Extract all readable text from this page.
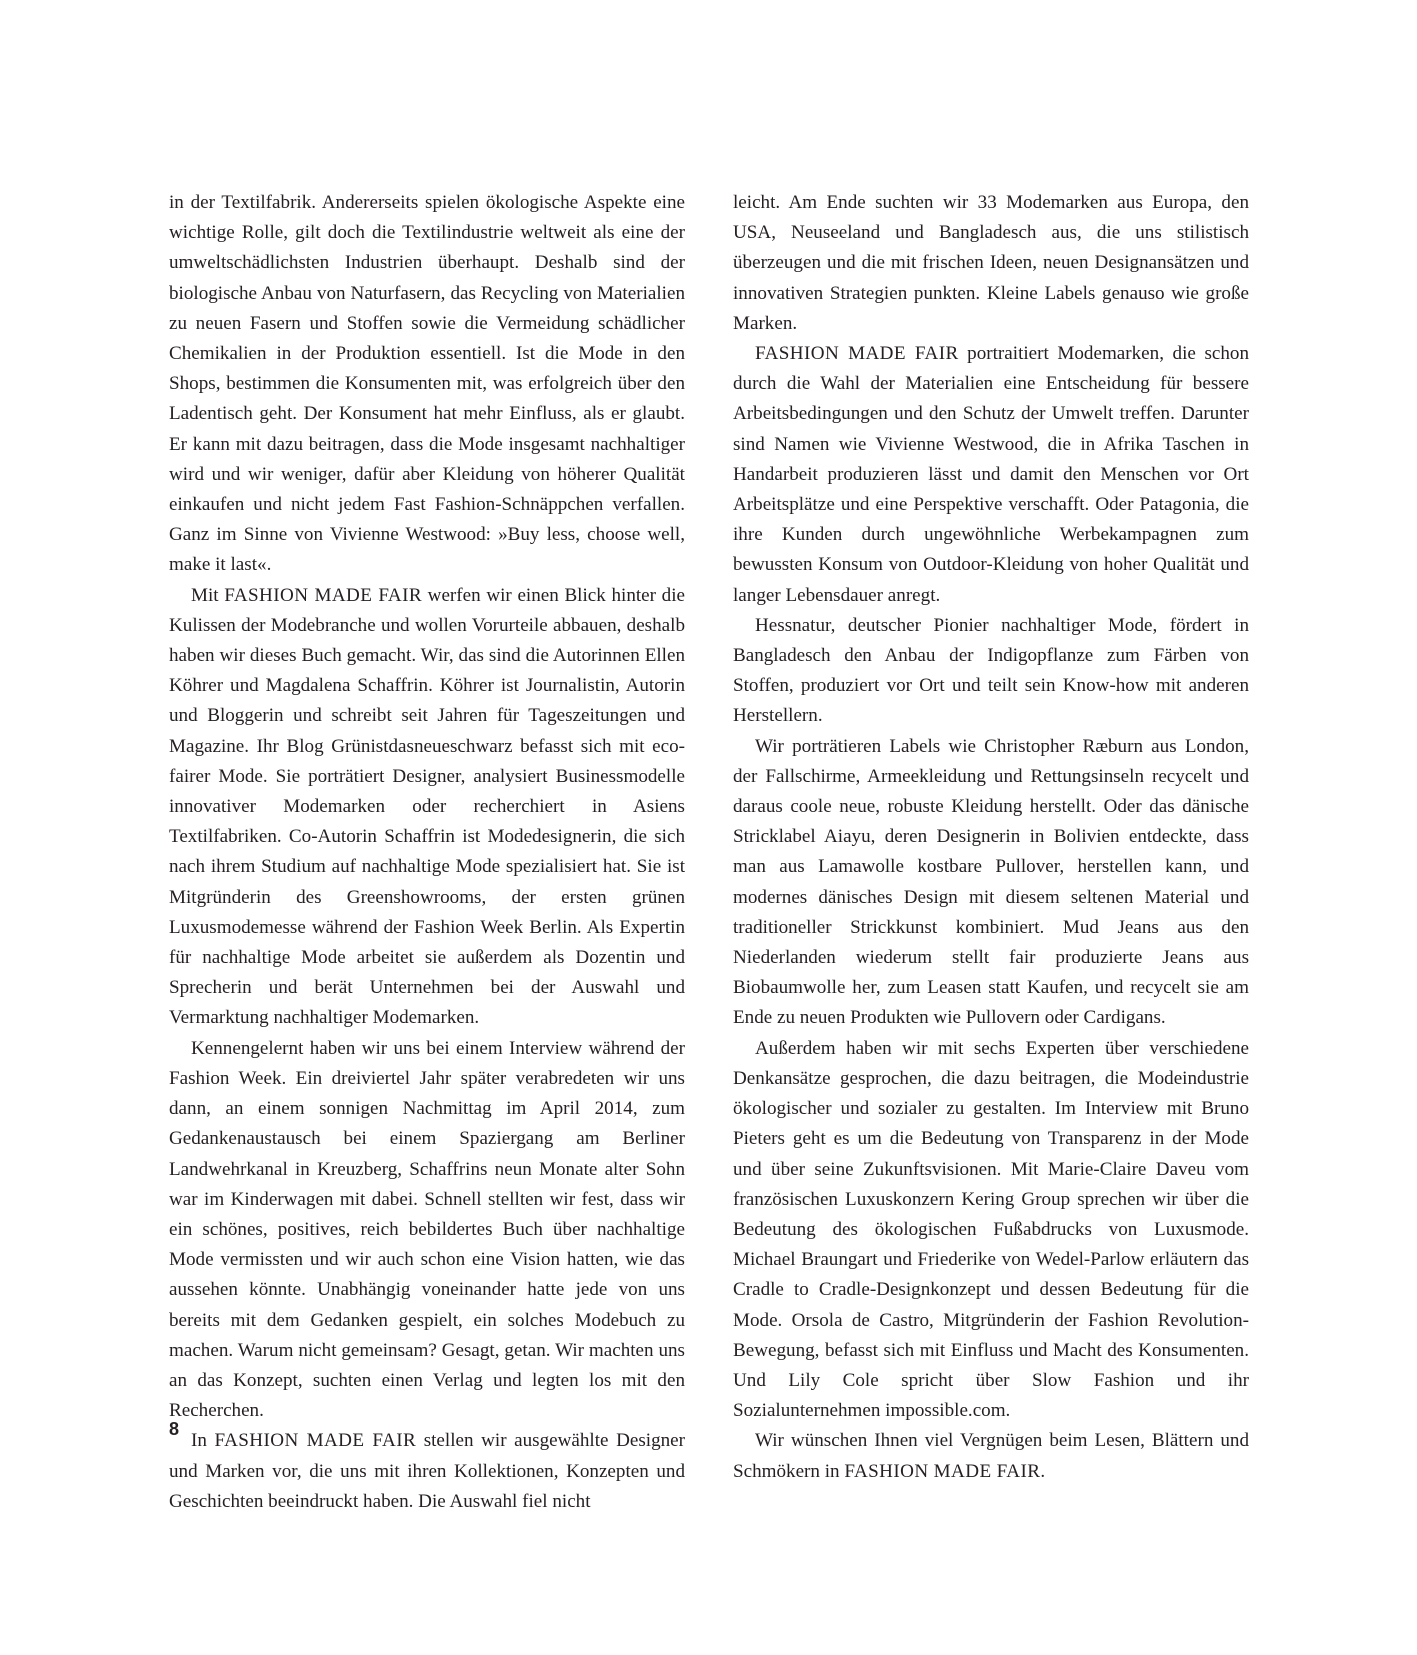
in der Textilfabrik. Andererseits spielen ökologische Aspekte eine wichtige Rolle, gilt doch die Textilindustrie weltweit als eine der umweltschädlichsten Industrien überhaupt. Deshalb sind der biologische Anbau von Naturfasern, das Recycling von Materialien zu neuen Fasern und Stoffen sowie die Vermeidung schädlicher Chemikalien in der Produktion essentiell. Ist die Mode in den Shops, bestimmen die Konsumenten mit, was erfolgreich über den Ladentisch geht. Der Konsument hat mehr Einfluss, als er glaubt. Er kann mit dazu beitragen, dass die Mode insgesamt nachhaltiger wird und wir weniger, dafür aber Kleidung von höherer Qualität einkaufen und nicht jedem Fast Fashion-Schnäppchen verfallen. Ganz im Sinne von Vivienne Westwood: »Buy less, choose well, make it last«.

Mit FASHION MADE FAIR werfen wir einen Blick hinter die Kulissen der Modebranche und wollen Vorurteile abbauen, deshalb haben wir dieses Buch gemacht. Wir, das sind die Autorinnen Ellen Köhrer und Magdalena Schaffrin. Köhrer ist Journalistin, Autorin und Bloggerin und schreibt seit Jahren für Tageszeitungen und Magazine. Ihr Blog Grünistdasneueschwarz befasst sich mit eco-fairer Mode. Sie porträtiert Designer, analysiert Businessmodelle innovativer Modemarken oder recherchiert in Asiens Textilfabriken. Co-Autorin Schaffrin ist Modedesignerin, die sich nach ihrem Studium auf nachhaltige Mode spezialisiert hat. Sie ist Mitgründerin des Greenshowrooms, der ersten grünen Luxusmodemesse während der Fashion Week Berlin. Als Expertin für nachhaltige Mode arbeitet sie außerdem als Dozentin und Sprecherin und berät Unternehmen bei der Auswahl und Vermarktung nachhaltiger Modemarken.

Kennengelernt haben wir uns bei einem Interview während der Fashion Week. Ein dreiviertel Jahr später verabredeten wir uns dann, an einem sonnigen Nachmittag im April 2014, zum Gedankenaustausch bei einem Spaziergang am Berliner Landwehrkanal in Kreuzberg, Schaffrins neun Monate alter Sohn war im Kinderwagen mit dabei. Schnell stellten wir fest, dass wir ein schönes, positives, reich bebildertes Buch über nachhaltige Mode vermissten und wir auch schon eine Vision hatten, wie das aussehen könnte. Unabhängig voneinander hatte jede von uns bereits mit dem Gedanken gespielt, ein solches Modebuch zu machen. Warum nicht gemeinsam? Gesagt, getan. Wir machten uns an das Konzept, suchten einen Verlag und legten los mit den Recherchen.

In FASHION MADE FAIR stellen wir ausgewählte Designer und Marken vor, die uns mit ihren Kollektionen, Konzepten und Geschichten beeindruckt haben. Die Auswahl fiel nicht

leicht. Am Ende suchten wir 33 Modemarken aus Europa, den USA, Neuseeland und Bangladesch aus, die uns stilistisch überzeugen und die mit frischen Ideen, neuen Designansätzen und innovativen Strategien punkten. Kleine Labels genauso wie große Marken.

FASHION MADE FAIR portraitiert Modemarken, die schon durch die Wahl der Materialien eine Entscheidung für bessere Arbeitsbedingungen und den Schutz der Umwelt treffen. Darunter sind Namen wie Vivienne Westwood, die in Afrika Taschen in Handarbeit produzieren lässt und damit den Menschen vor Ort Arbeitsplätze und eine Perspektive verschafft. Oder Patagonia, die ihre Kunden durch ungewöhnliche Werbekampagnen zum bewussten Konsum von Outdoor-Kleidung von hoher Qualität und langer Lebensdauer anregt.

Hessnatur, deutscher Pionier nachhaltiger Mode, fördert in Bangladesch den Anbau der Indigopflanze zum Färben von Stoffen, produziert vor Ort und teilt sein Know-how mit anderen Herstellern.

Wir porträtieren Labels wie Christopher Ræburn aus London, der Fallschirme, Armeekleidung und Rettungsinseln recycelt und daraus coole neue, robuste Kleidung herstellt. Oder das dänische Stricklabel Aiayu, deren Designerin in Bolivien entdeckte, dass man aus Lamawolle kostbare Pullover, herstellen kann, und modernes dänisches Design mit diesem seltenen Material und traditioneller Strickkunst kombiniert. Mud Jeans aus den Niederlanden wiederum stellt fair produzierte Jeans aus Biobaumwolle her, zum Leasen statt Kaufen, und recycelt sie am Ende zu neuen Produkten wie Pullovern oder Cardigans.

Außerdem haben wir mit sechs Experten über verschiedene Denkansätze gesprochen, die dazu beitragen, die Modeindustrie ökologischer und sozialer zu gestalten. Im Interview mit Bruno Pieters geht es um die Bedeutung von Transparenz in der Mode und über seine Zukunftsvisionen. Mit Marie-Claire Daveu vom französischen Luxuskonzern Kering Group sprechen wir über die Bedeutung des ökologischen Fußabdrucks von Luxusmode. Michael Braungart und Friederike von Wedel-Parlow erläutern das Cradle to Cradle-Designkonzept und dessen Bedeutung für die Mode. Orsola de Castro, Mitgründerin der Fashion Revolution-Bewegung, befasst sich mit Einfluss und Macht des Konsumenten. Und Lily Cole spricht über Slow Fashion und ihr Sozialunternehmen impossible.com.

Wir wünschen Ihnen viel Vergnügen beim Lesen, Blättern und Schmökern in FASHION MADE FAIR.

8
